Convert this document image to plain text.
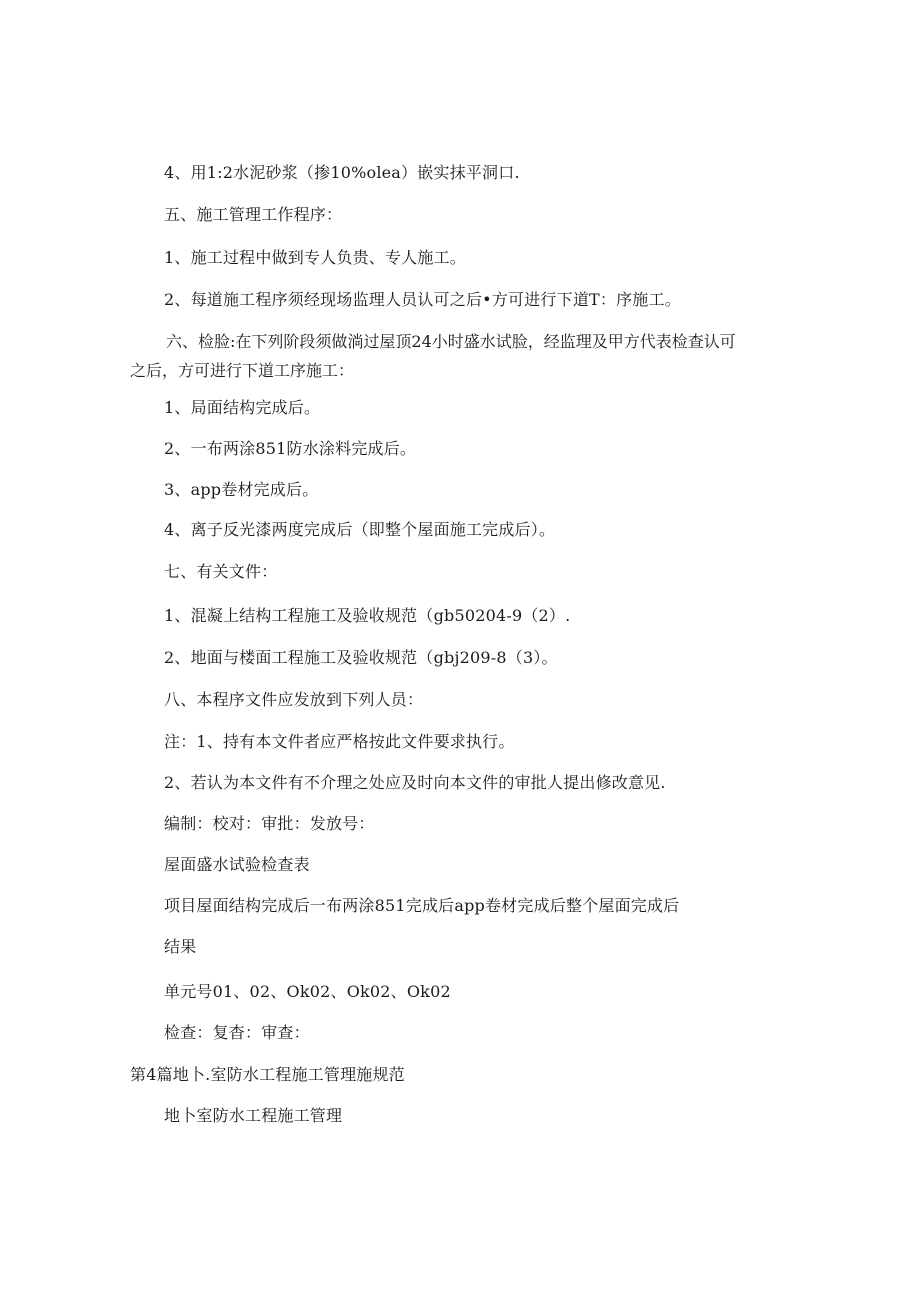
4、用1:2水泥砂浆（掺10%olea）嵌实抹平洞口.
五、施工管理工作程序：
1、施工过程中做到专人负贵、专人施工。
2、每道施工程序须经现场监理人员认可之后•方可进行下道T：序施工。

六、检脸:在下列阶段须做淌过屋顶24小时盛水试脸，经监理及甲方代表检查认可

之后，方可进行下道工序施工：

1、局面结构完成后。
2、一布两涂851防水涂料完成后。
3、app卷材完成后。
4、离子反光漆两度完成后（即整个屋面施工完成后）。
七、有关文件：
1、混凝上结构工程施工及验收规范（gb50204-9（2）.
2、地面与楼面工程施工及验收规范（gbj209-8（3）。
八、本程序文件应发放到下列人员：
注：1、持有本文件者应严格按此文件要求执行。
2、若认为本文件有不介理之处应及时向本文件的审批人提出修改意见.
编制：校对：审批：发放号：
屋面盛水试验检查表
项目屋面结构完成后一布两涂851完成后app卷材完成后整个屋面完成后
结果
单元号01、02、Ok02、Ok02、Ok02
检查：复杳：审查：
第4篇地卜.室防水工程施工管理施规范
地卜室防水工程施工管理
